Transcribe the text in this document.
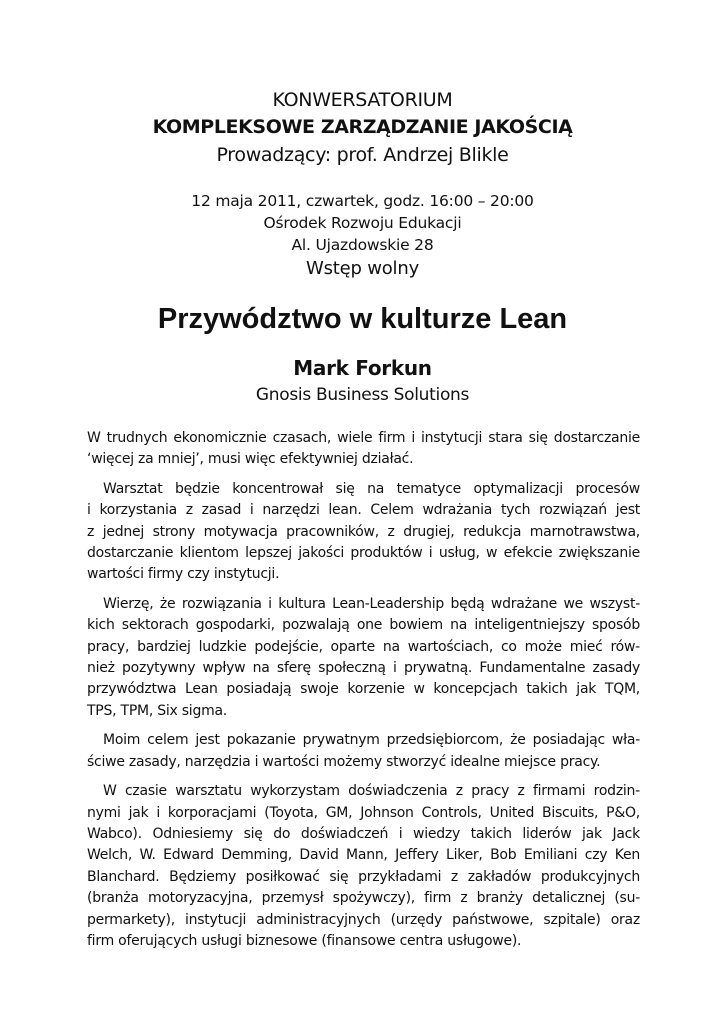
KONWERSATORIUM
KOMPLEKSOWE ZARZĄDZANIE JAKOŚCIĄ
Prowadzący: prof. Andrzej Blikle
12 maja 2011, czwartek, godz. 16:00 – 20:00
Ośrodek Rozwoju Edukacji
Al. Ujazdowskie 28
Wstęp wolny
Przywództwo w kulturze Lean
Mark Forkun
Gnosis Business Solutions
W trudnych ekonomicznie czasach, wiele firm i instytucji stara się dostarczanie
‘więcej za mniej’, musi więc efektywniej działać.
Warsztat będzie koncentrował się na tematyce optymalizacji procesów
i korzystania z zasad i narzędzi lean. Celem wdrażania tych rozwiązań jest
z jednej strony motywacja pracowników, z drugiej, redukcja marnotrawstwa,
dostarczanie klientom lepszej jakości produktów i usług, w efekcie zwiększanie
wartości firmy czy instytucji.
Wierzę, że rozwiązania i kultura Lean-Leadership będą wdrażane we wszyst-
kich sektorach gospodarki, pozwalają one bowiem na inteligentniejszy sposób
pracy, bardziej ludzkie podejście, oparte na wartościach, co może mieć rów-
nież pozytywny wpływ na sferę społeczną i prywatną. Fundamentalne zasady
przywództwa Lean posiadają swoje korzenie w koncepcjach takich jak TQM,
TPS, TPM, Six sigma.
Moim celem jest pokazanie prywatnym przedsiębiorcom, że posiadając wła-
ściwe zasady, narzędzia i wartości możemy stworzyć idealne miejsce pracy.
W czasie warsztatu wykorzystam doświadczenia z pracy z firmami rodzin-
nymi jak i korporacjami (Toyota, GM, Johnson Controls, United Biscuits, P&O,
Wabco). Odniesiemy się do doświadczeń i wiedzy takich liderów jak Jack
Welch, W. Edward Demming, David Mann, Jeffery Liker, Bob Emiliani czy Ken
Blanchard. Będziemy posiłkować się przykładami z zakładów produkcyjnych
(branża motoryzacyjna, przemysł spożywczy), firm z branży detalicznej (su-
permarkety), instytucji administracyjnych (urzędy państwowe, szpitale) oraz
firm oferujących usługi biznesowe (finansowe centra usługowe).
